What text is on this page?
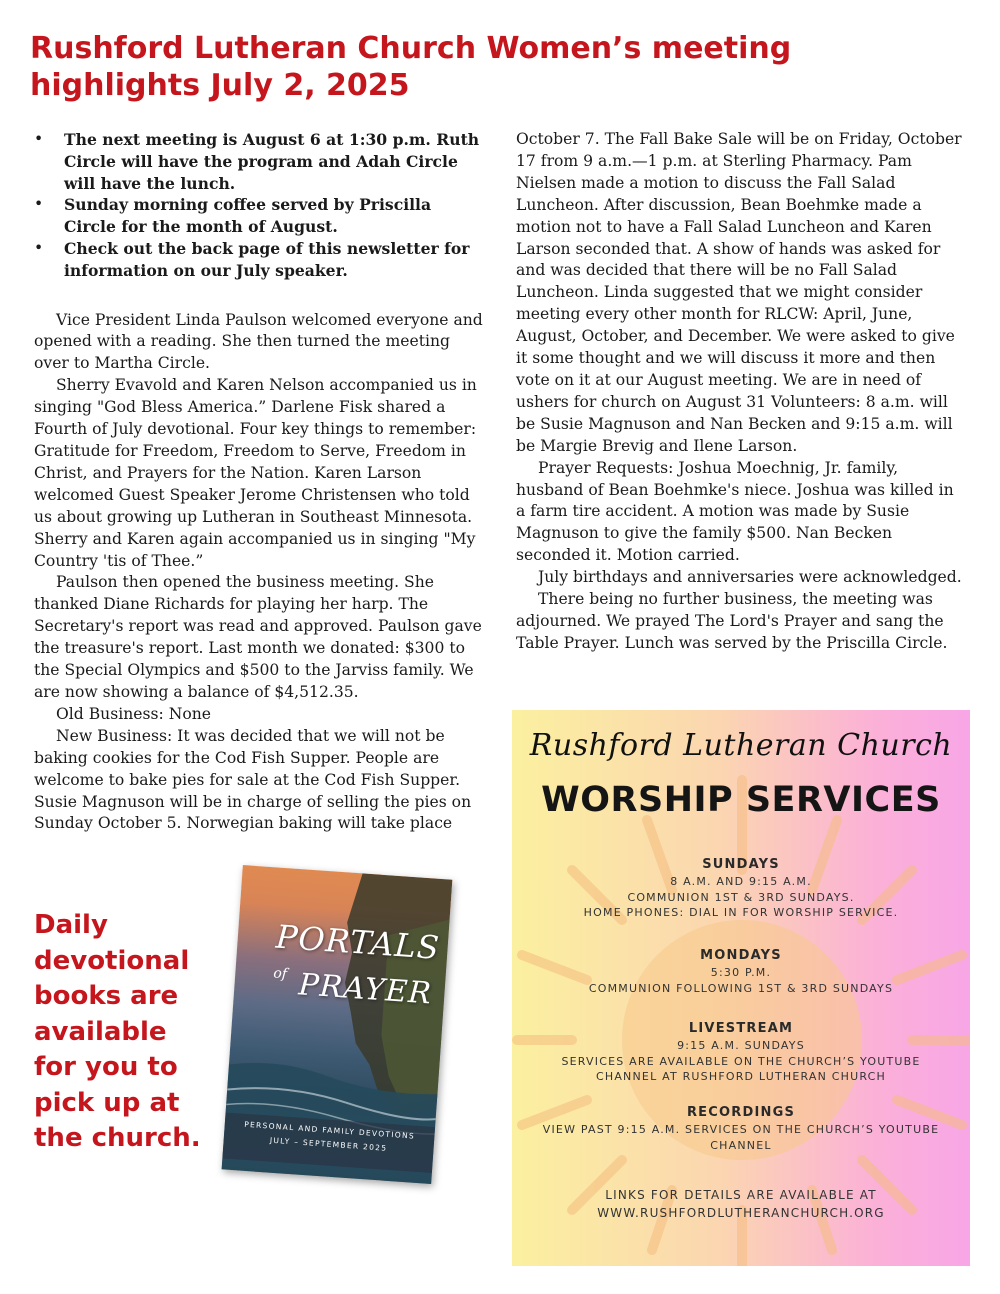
Rushford Lutheran Church Women’s meeting
highlights July 2, 2025
• The next meeting is August 6 at 1:30 p.m. Ruth Circle will have the program and Adah Circle will have the lunch.
• Sunday morning coffee served by Priscilla Circle for the month of August.
• Check out the back page of this newsletter for information on our July speaker.

Vice President Linda Paulson welcomed everyone and opened with a reading. She then turned the meeting over to Martha Circle.

Sherry Evavold and Karen Nelson accompanied us in singing "God Bless America.” Darlene Fisk shared a Fourth of July devotional. Four key things to remember: Gratitude for Freedom, Freedom to Serve, Freedom in Christ, and Prayers for the Nation. Karen Larson welcomed Guest Speaker Jerome Christensen who told us about growing up Lutheran in Southeast Minnesota. Sherry and Karen again accompanied us in singing "My Country 'tis of Thee.”

Paulson then opened the business meeting. She thanked Diane Richards for playing her harp. The Secretary's report was read and approved. Paulson gave the treasure's report. Last month we donated: $300 to the Special Olympics and $500 to the Jarviss family. We are now showing a balance of $4,512.35.

Old Business: None

New Business: It was decided that we will not be baking cookies for the Cod Fish Supper. People are welcome to bake pies for sale at the Cod Fish Supper. Susie Magnuson will be in charge of selling the pies on Sunday October 5. Norwegian baking will take place

October 7. The Fall Bake Sale will be on Friday, October 17 from 9 a.m.—1 p.m. at Sterling Pharmacy. Pam Nielsen made a motion to discuss the Fall Salad Luncheon. After discussion, Bean Boehmke made a motion not to have a Fall Salad Luncheon and Karen Larson seconded that. A show of hands was asked for and was decided that there will be no Fall Salad Luncheon. Linda suggested that we might consider meeting every other month for RLCW: April, June, August, October, and December. We were asked to give it some thought and we will discuss it more and then vote on it at our August meeting. We are in need of ushers for church on August 31 Volunteers: 8 a.m. will be Susie Magnuson and Nan Becken and 9:15 a.m. will be Margie Brevig and Ilene Larson.

Prayer Requests: Joshua Moechnig, Jr. family, husband of Bean Boehmke's niece. Joshua was killed in a farm tire accident. A motion was made by Susie Magnuson to give the family $500. Nan Becken seconded it. Motion carried.

July birthdays and anniversaries were acknowledged.

There being no further business, the meeting was adjourned. We prayed The Lord's Prayer and sang the Table Prayer. Lunch was served by the Priscilla Circle.

Daily
devotional
books are
available
for you to
pick up at
the church.
PORTALS
of PRAYER
PERSONAL AND FAMILY DEVOTIONS
JULY – SEPTEMBER 2025
Rushford Lutheran Church
WORSHIP SERVICES
SUNDAYS
8 A.M. AND 9:15 A.M.
COMMUNION 1ST & 3RD SUNDAYS.
HOME PHONES: DIAL IN FOR WORSHIP SERVICE.
MONDAYS
5:30 P.M.
COMMUNION FOLLOWING 1ST & 3RD SUNDAYS
LIVESTREAM
9:15 A.M. SUNDAYS
SERVICES ARE AVAILABLE ON THE CHURCH’S YOUTUBE
CHANNEL AT RUSHFORD LUTHERAN CHURCH
RECORDINGS
VIEW PAST 9:15 A.M. SERVICES ON THE CHURCH’S YOUTUBE
CHANNEL
LINKS FOR DETAILS ARE AVAILABLE AT
WWW.RUSHFORDLUTHERANCHURCH.ORG
